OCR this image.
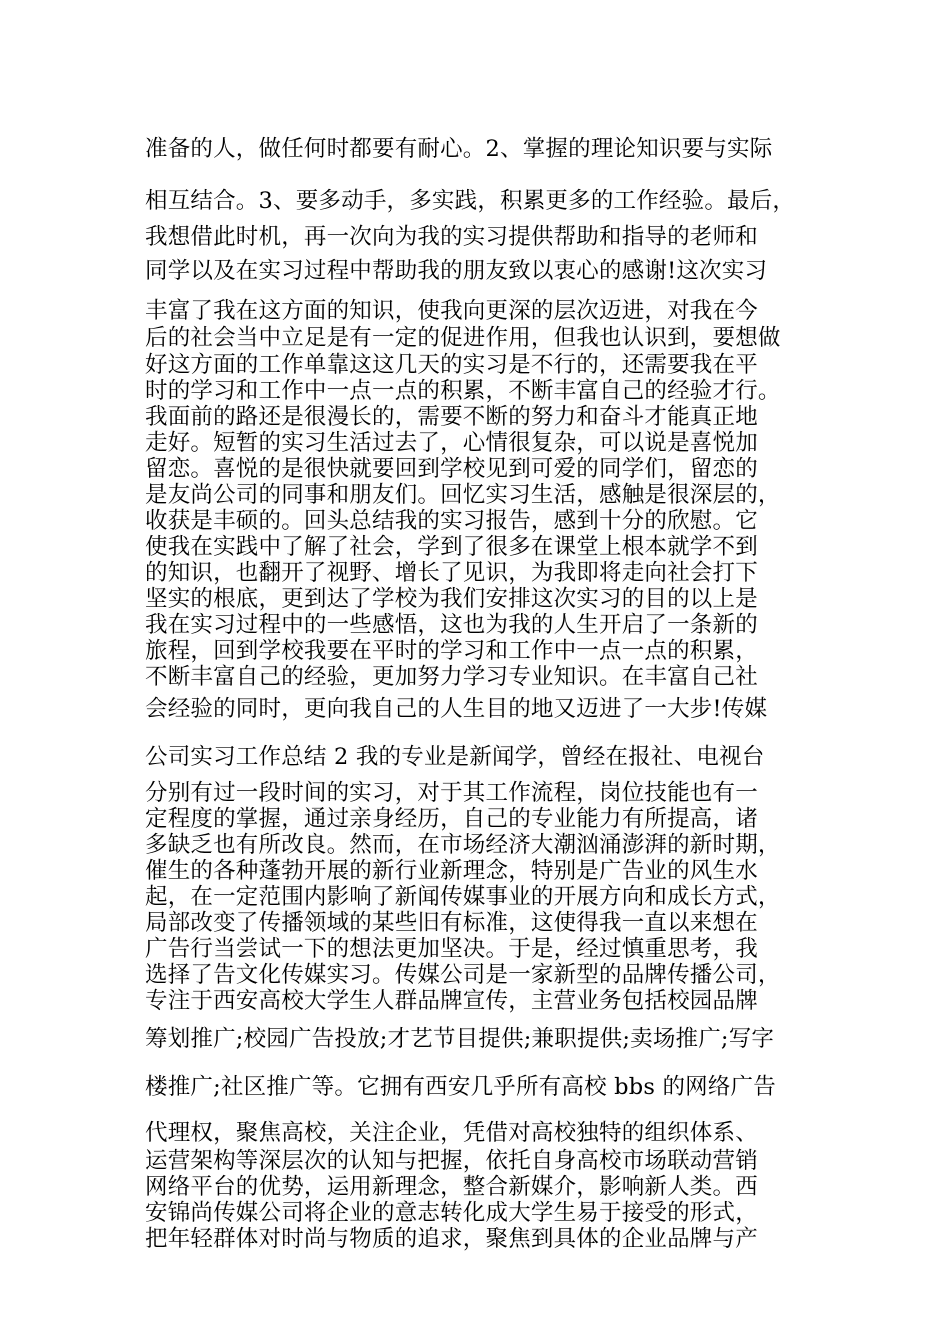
准备的人，做任何时都要有耐心。2、掌握的理论知识要与实际

相互结合。3、要多动手，多实践，积累更多的工作经验。最后，

我想借此时机，再一次向为我的实习提供帮助和指导的老师和

同学以及在实习过程中帮助我的朋友致以衷心的感谢!这次实习

丰富了我在这方面的知识，使我向更深的层次迈进，对我在今

后的社会当中立足是有一定的促进作用，但我也认识到，要想做

好这方面的工作单靠这这几天的实习是不行的，还需要我在平

时的学习和工作中一点一点的积累，不断丰富自己的经验才行。

我面前的路还是很漫长的，需要不断的努力和奋斗才能真正地

走好。短暂的实习生活过去了，心情很复杂，可以说是喜悦加

留恋。喜悦的是很快就要回到学校见到可爱的同学们，留恋的

是友尚公司的同事和朋友们。回忆实习生活，感触是很深层的，

收获是丰硕的。回头总结我的实习报告，感到十分的欣慰。它

使我在实践中了解了社会，学到了很多在课堂上根本就学不到

的知识，也翻开了视野、增长了见识，为我即将走向社会打下

坚实的根底，更到达了学校为我们安排这次实习的目的以上是

我在实习过程中的一些感悟，这也为我的人生开启了一条新的

旅程，回到学校我要在平时的学习和工作中一点一点的积累，

不断丰富自己的经验，更加努力学习专业知识。在丰富自己社

会经验的同时，更向我自己的人生目的地又迈进了一大步!传媒

公司实习工作总结 2 我的专业是新闻学，曾经在报社、电视台

分别有过一段时间的实习，对于其工作流程，岗位技能也有一

定程度的掌握，通过亲身经历，自己的专业能力有所提高，诸

多缺乏也有所改良。然而，在市场经济大潮汹涌澎湃的新时期，

催生的各种蓬勃开展的新行业新理念，特别是广告业的风生水

起，在一定范围内影响了新闻传媒事业的开展方向和成长方式，

局部改变了传播领域的某些旧有标准，这使得我一直以来想在

广告行当尝试一下的想法更加坚决。于是，经过慎重思考，我

选择了告文化传媒实习。传媒公司是一家新型的品牌传播公司，

专注于西安高校大学生人群品牌宣传，主营业务包括校园品牌

筹划推广;校园广告投放;才艺节目提供;兼职提供;卖场推广;写字

楼推广;社区推广等。它拥有西安几乎所有高校 bbs 的网络广告

代理权，聚焦高校，关注企业，凭借对高校独特的组织体系、

运营架构等深层次的认知与把握，依托自身高校市场联动营销

网络平台的优势，运用新理念，整合新媒介，影响新人类。西

安锦尚传媒公司将企业的意志转化成大学生易于接受的形式，

把年轻群体对时尚与物质的追求，聚焦到具体的企业品牌与产
